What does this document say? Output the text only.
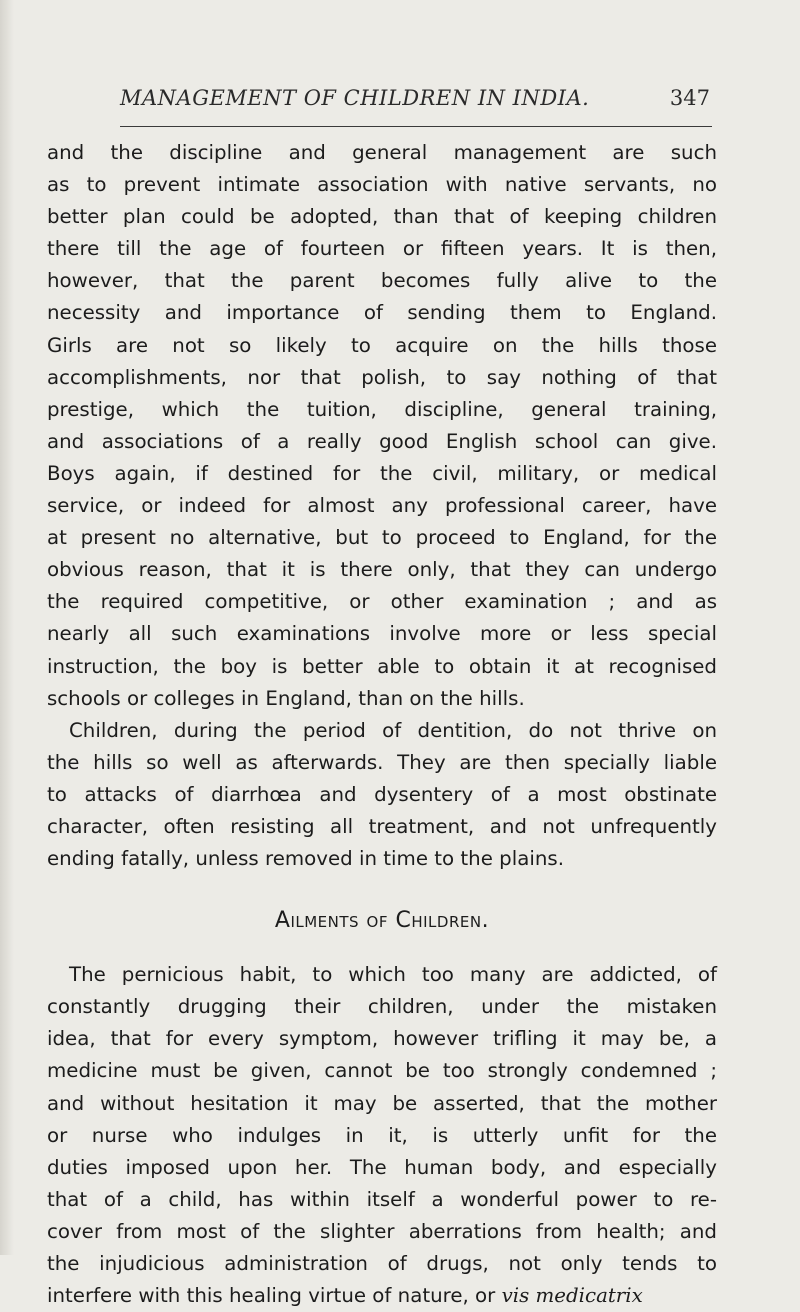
MANAGEMENT OF CHILDREN IN INDIA.	347
and the discipline and general management are such
as to prevent intimate association with native servants, no
better plan could be adopted, than that of keeping children
there till the age of fourteen or fifteen years. It is then,
however, that the parent becomes fully alive to the
necessity and importance of sending them to England.
Girls are not so likely to acquire on the hills those
accomplishments, nor that polish, to say nothing of that
prestige, which the tuition, discipline, general training,
and associations of a really good English school can give.
Boys again, if destined for the civil, military, or medical
service, or indeed for almost any professional career, have
at present no alternative, but to proceed to England, for the
obvious reason, that it is there only, that they can undergo
the required competitive, or other examination ; and as
nearly all such examinations involve more or less special
instruction, the boy is better able to obtain it at recognised
schools or colleges in England, than on the hills.
Children, during the period of dentition, do not thrive on
the hills so well as afterwards. They are then specially liable
to attacks of diarrhœa and dysentery of a most obstinate
character, often resisting all treatment, and not unfrequently
ending fatally, unless removed in time to the plains.
Ailments of Children.
The pernicious habit, to which too many are addicted, of
constantly drugging their children, under the mistaken
idea, that for every symptom, however trifling it may be, a
medicine must be given, cannot be too strongly condemned ;
and without hesitation it may be asserted, that the mother
or nurse who indulges in it, is utterly unfit for the
duties imposed upon her. The human body, and especially
that of a child, has within itself a wonderful power to re-
cover from most of the slighter aberrations from health; and
the injudicious administration of drugs, not only tends to
interfere with this healing virtue of nature, or vis medicatrix
